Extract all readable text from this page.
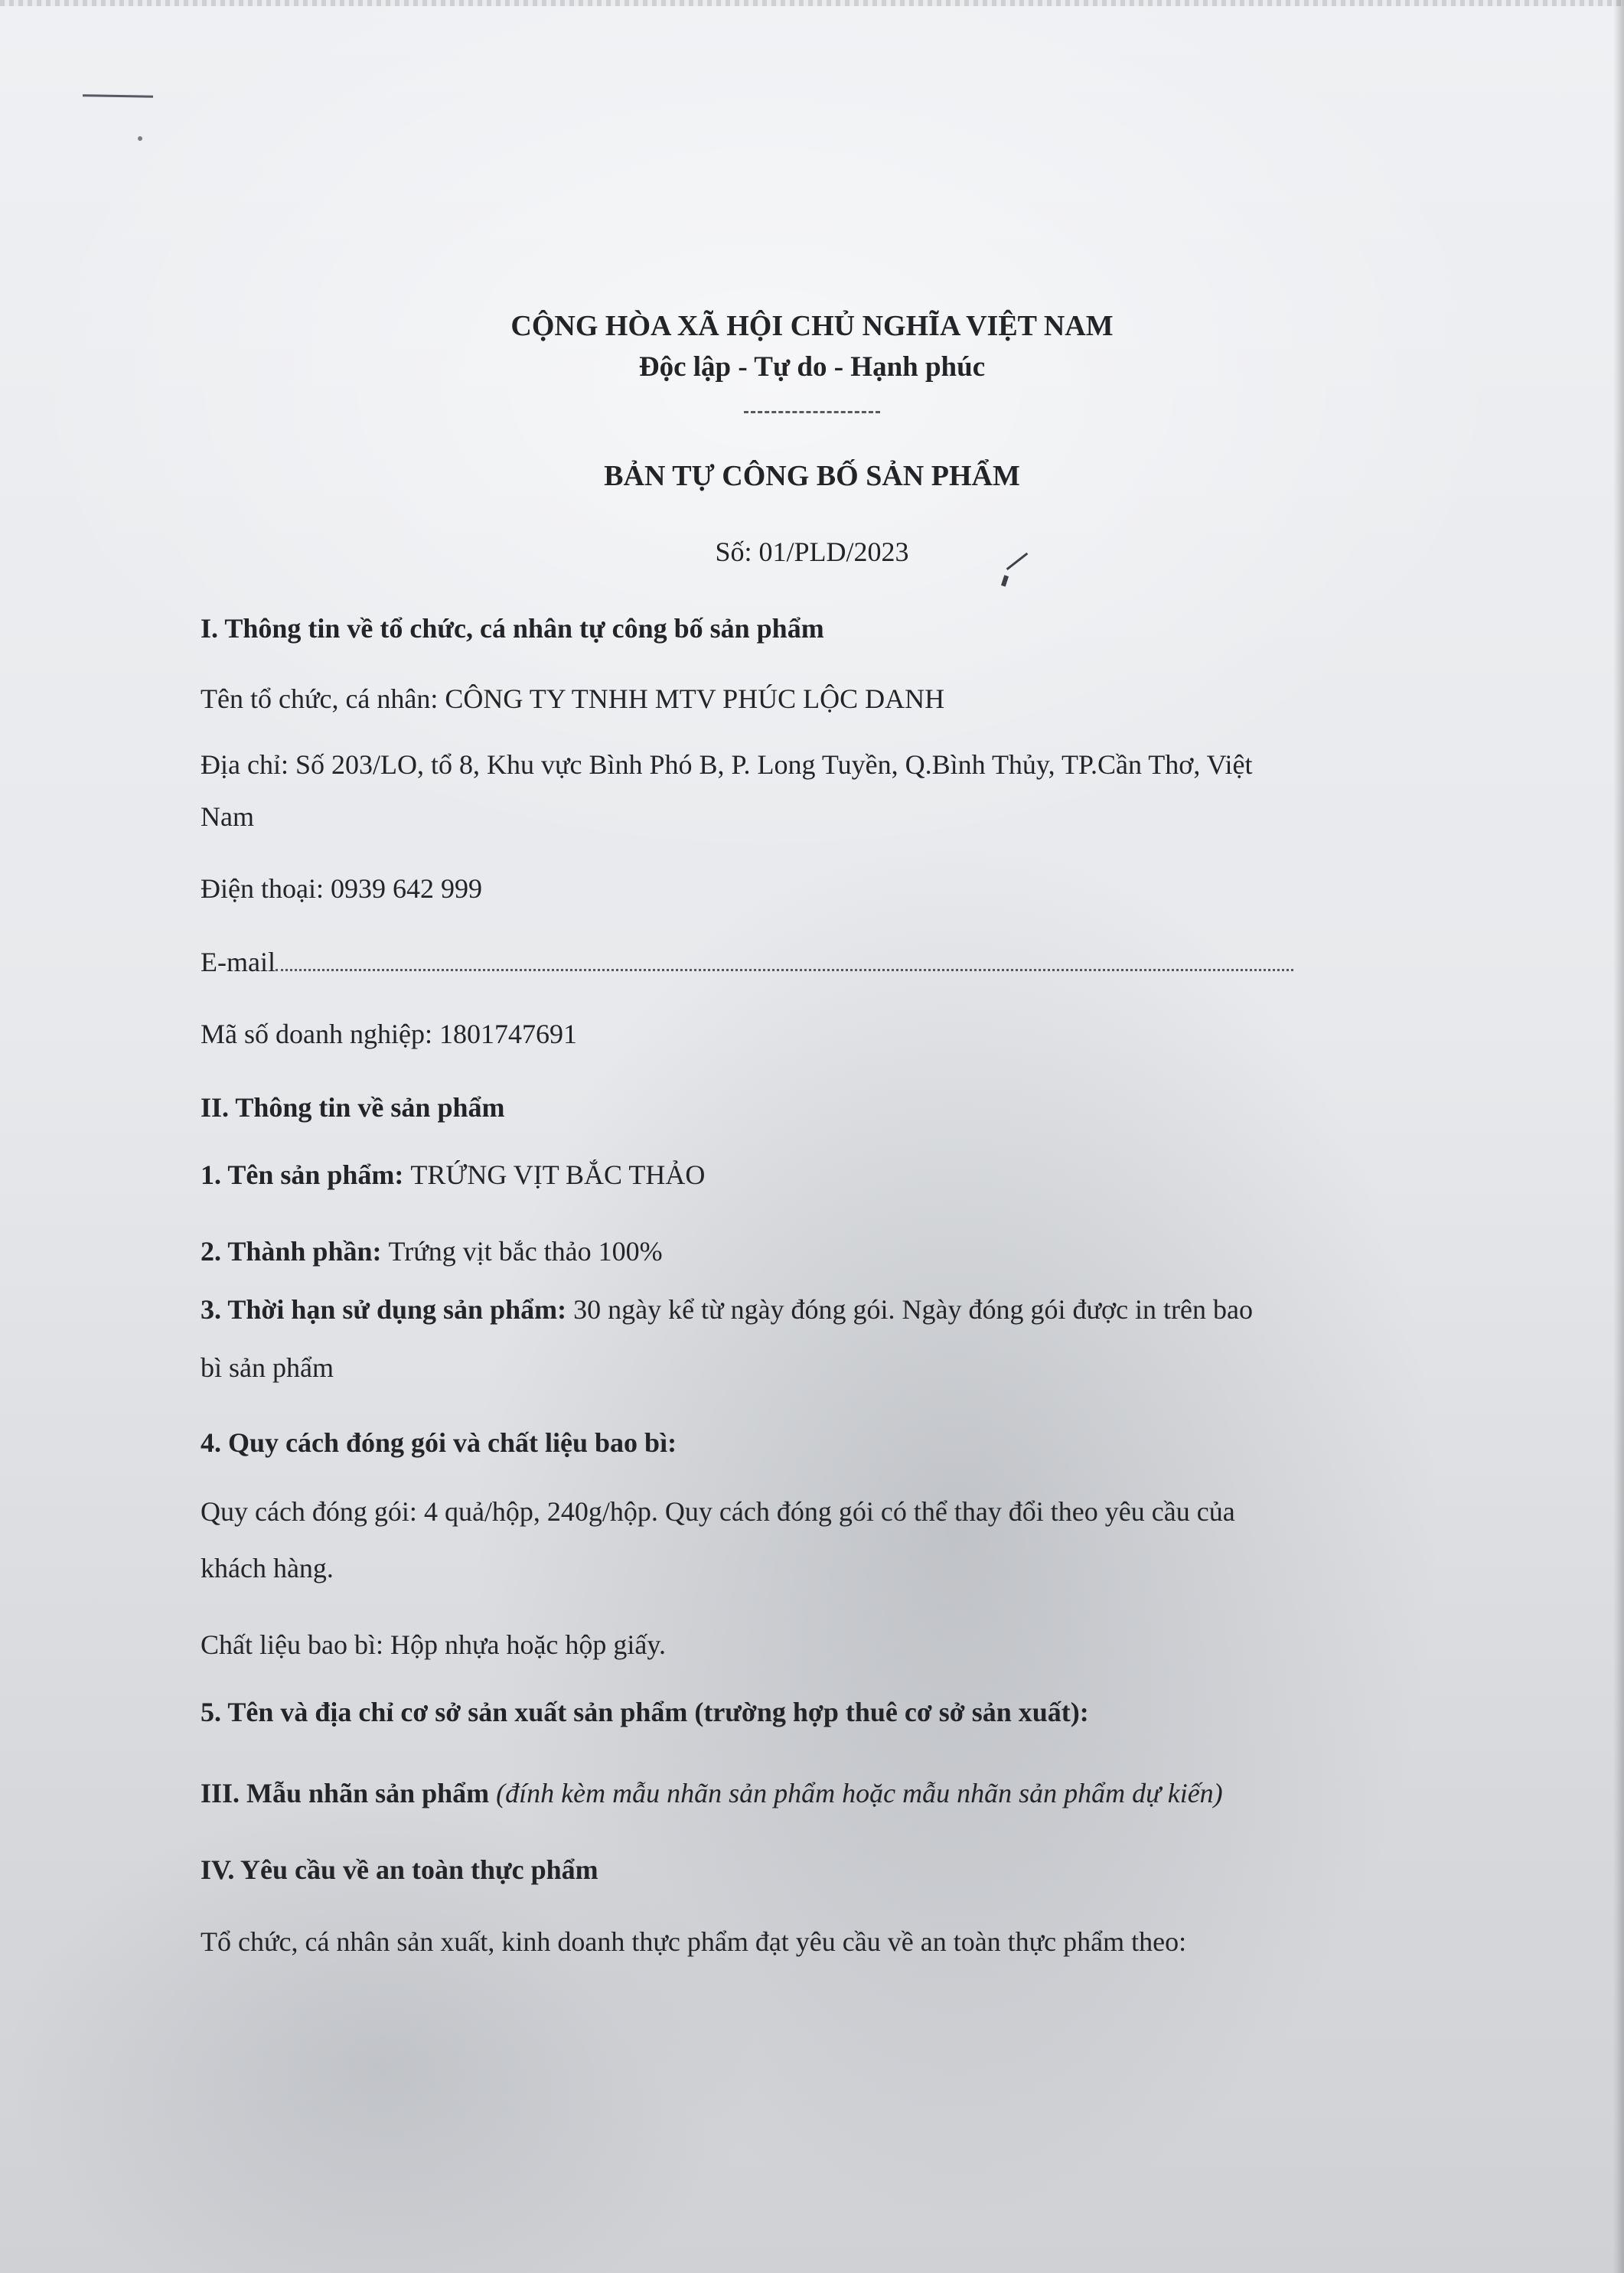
CỘNG HÒA XÃ HỘI CHỦ NGHĨA VIỆT NAM
Độc lập - Tự do - Hạnh phúc
BẢN TỰ CÔNG BỐ SẢN PHẨM
Số: 01/PLD/2023
I. Thông tin về tổ chức, cá nhân tự công bố sản phẩm
Tên tổ chức, cá nhân: CÔNG TY TNHH MTV PHÚC LỘC DANH
Địa chỉ: Số 203/LO, tổ 8, Khu vực Bình Phó B, P. Long Tuyền, Q.Bình Thủy, TP.Cần Thơ, Việt
Nam
Điện thoại: 0939 642 999
E-mail
Mã số doanh nghiệp: 1801747691
II. Thông tin về sản phẩm
1. Tên sản phẩm: TRỨNG VỊT BẮC THẢO
2. Thành phần: Trứng vịt bắc thảo 100%
3. Thời hạn sử dụng sản phẩm: 30 ngày kể từ ngày đóng gói. Ngày đóng gói được in trên bao
bì sản phẩm
4. Quy cách đóng gói và chất liệu bao bì:
Quy cách đóng gói: 4 quả/hộp, 240g/hộp. Quy cách đóng gói có thể thay đổi theo yêu cầu của
khách hàng.
Chất liệu bao bì: Hộp nhựa hoặc hộp giấy.
5. Tên và địa chỉ cơ sở sản xuất sản phẩm (trường hợp thuê cơ sở sản xuất):
III. Mẫu nhãn sản phẩm (đính kèm mẫu nhãn sản phẩm hoặc mẫu nhãn sản phẩm dự kiến)
IV. Yêu cầu về an toàn thực phẩm
Tổ chức, cá nhân sản xuất, kinh doanh thực phẩm đạt yêu cầu về an toàn thực phẩm theo:
